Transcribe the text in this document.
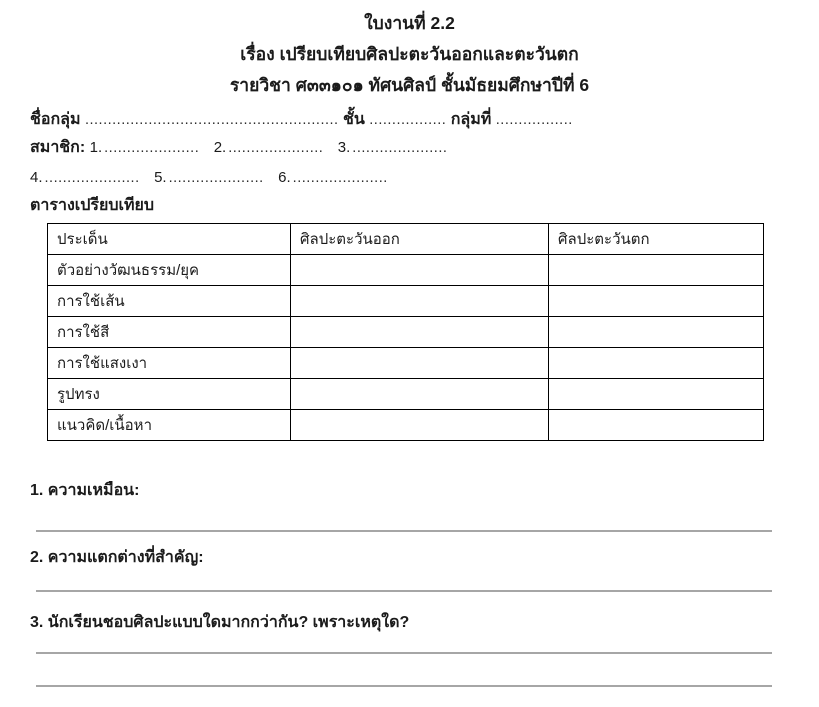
ใบงานที่ 2.2
เรื่อง เปรียบเทียบศิลปะตะวันออกและตะวันตก
รายวิชา ศ๓๓๑๐๑ ทัศนศิลป์ ชั้นมัธยมศึกษาปีที่ 6
ชื่อกลุ่ม ........................................................ ชั้น ................. กลุ่มที่ .................
สมาชิก: 1. ..................... 2. ..................... 3. .....................
4. ..................... 5. ..................... 6. .....................
ตารางเปรียบเทียบ
ประเด็น	ศิลปะตะวันออก	ศิลปะตะวันตก
ตัวอย่างวัฒนธรรม/ยุค		
การใช้เส้น		
การใช้สี		
การใช้แสงเงา		
รูปทรง		
แนวคิด/เนื้อหา		
1. ความเหมือน:
2. ความแตกต่างที่สำคัญ:
3. นักเรียนชอบศิลปะแบบใดมากกว่ากัน? เพราะเหตุใด?
